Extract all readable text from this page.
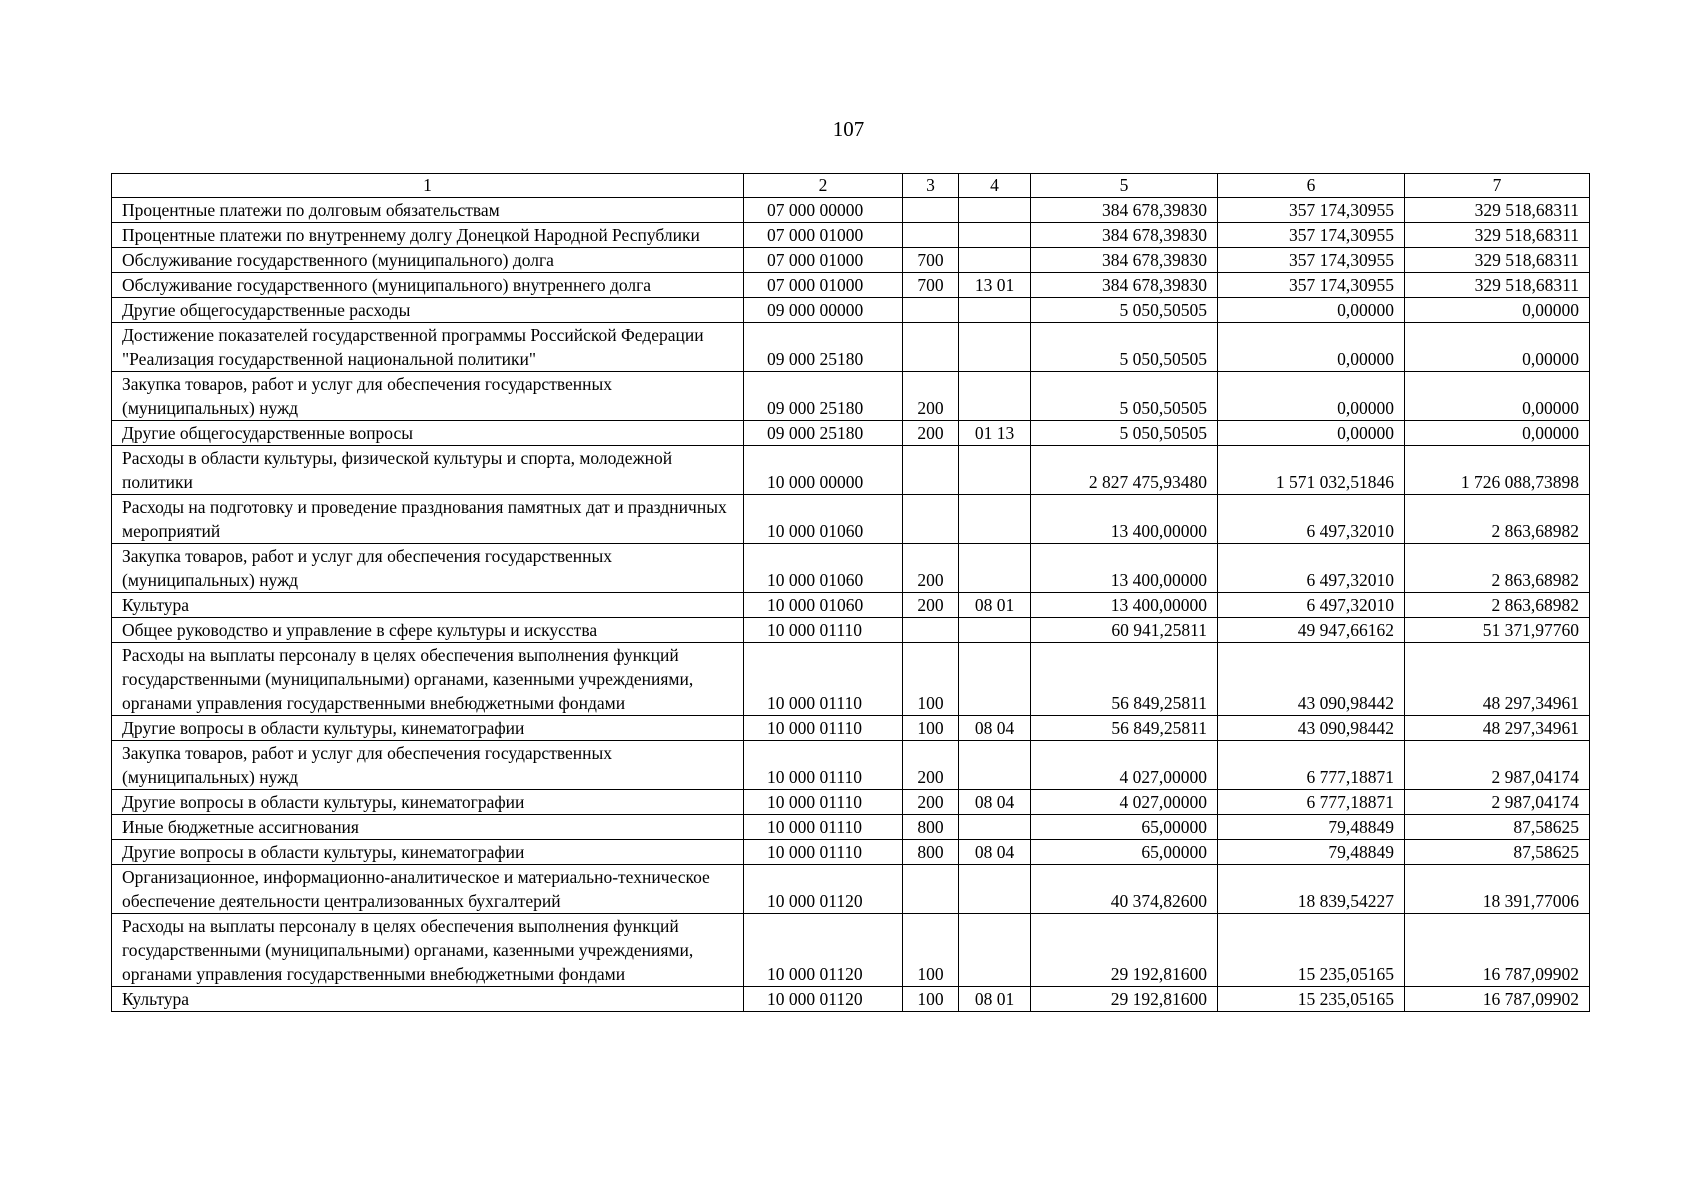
107
1	2	3	4	5	6	7
Процентные платежи по долговым обязательствам	07 000 00000			384 678,39830	357 174,30955	329 518,68311
Процентные платежи по внутреннему долгу Донецкой Народной Республики	07 000 01000			384 678,39830	357 174,30955	329 518,68311
Обслуживание государственного (муниципального) долга	07 000 01000	700		384 678,39830	357 174,30955	329 518,68311
Обслуживание государственного (муниципального) внутреннего долга	07 000 01000	700	13 01	384 678,39830	357 174,30955	329 518,68311
Другие общегосударственные расходы	09 000 00000			5 050,50505	0,00000	0,00000
Достижение показателей государственной программы Российской Федерации "Реализация государственной национальной политики"	09 000 25180			5 050,50505	0,00000	0,00000
Закупка товаров, работ и услуг для обеспечения государственных (муниципальных) нужд	09 000 25180	200		5 050,50505	0,00000	0,00000
Другие общегосударственные вопросы	09 000 25180	200	01 13	5 050,50505	0,00000	0,00000
Расходы в области культуры, физической культуры и спорта, молодежной политики	10 000 00000			2 827 475,93480	1 571 032,51846	1 726 088,73898
Расходы на подготовку и проведение празднования памятных дат и праздничных мероприятий	10 000 01060			13 400,00000	6 497,32010	2 863,68982
Закупка товаров, работ и услуг для обеспечения государственных (муниципальных) нужд	10 000 01060	200		13 400,00000	6 497,32010	2 863,68982
Культура	10 000 01060	200	08 01	13 400,00000	6 497,32010	2 863,68982
Общее руководство и управление в сфере культуры и искусства	10 000 01110			60 941,25811	49 947,66162	51 371,97760
Расходы на выплаты персоналу в целях обеспечения выполнения функций государственными (муниципальными) органами, казенными учреждениями, органами управления государственными внебюджетными фондами	10 000 01110	100		56 849,25811	43 090,98442	48 297,34961
Другие вопросы в области культуры, кинематографии	10 000 01110	100	08 04	56 849,25811	43 090,98442	48 297,34961
Закупка товаров, работ и услуг для обеспечения государственных (муниципальных) нужд	10 000 01110	200		4 027,00000	6 777,18871	2 987,04174
Другие вопросы в области культуры, кинематографии	10 000 01110	200	08 04	4 027,00000	6 777,18871	2 987,04174
Иные бюджетные ассигнования	10 000 01110	800		65,00000	79,48849	87,58625
Другие вопросы в области культуры, кинематографии	10 000 01110	800	08 04	65,00000	79,48849	87,58625
Организационное, информационно-аналитическое и материально-техническое обеспечение деятельности централизованных бухгалтерий	10 000 01120			40 374,82600	18 839,54227	18 391,77006
Расходы на выплаты персоналу в целях обеспечения выполнения функций государственными (муниципальными) органами, казенными учреждениями, органами управления государственными внебюджетными фондами	10 000 01120	100		29 192,81600	15 235,05165	16 787,09902
Культура	10 000 01120	100	08 01	29 192,81600	15 235,05165	16 787,09902
